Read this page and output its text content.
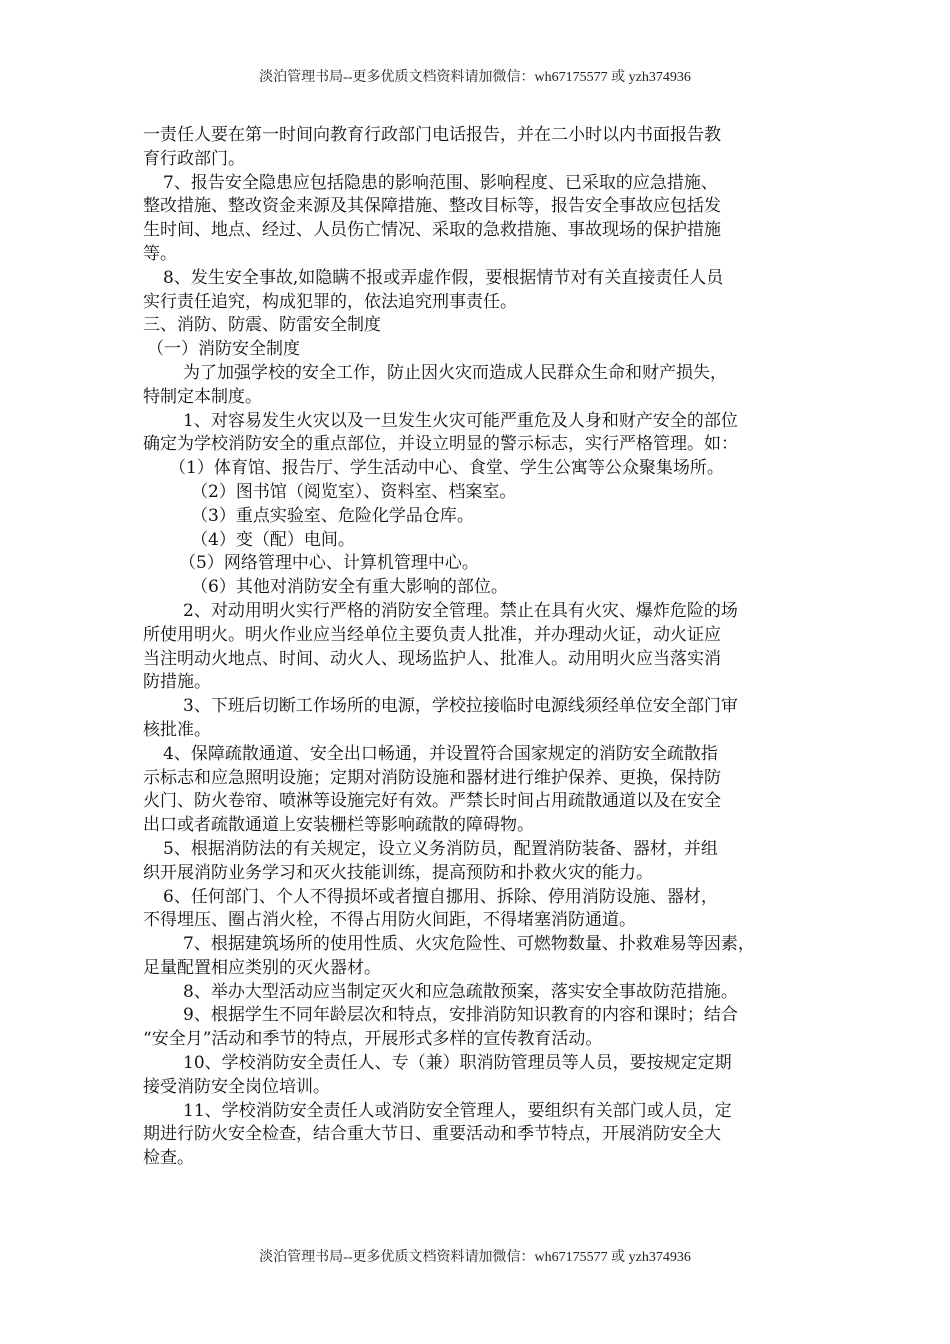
淡泊管理书局--更多优质文档资料请加微信：wh67175577 或 yzh374936
一责任人要在第一时间向教育行政部门电话报告，并在二小时以内书面报告教
育行政部门。
7、报告安全隐患应包括隐患的影响范围、影响程度、已采取的应急措施、
整改措施、整改资金来源及其保障措施、整改目标等，报告安全事故应包括发
生时间、地点、经过、人员伤亡情况、采取的急救措施、事故现场的保护措施
等。
8、发生安全事故,如隐瞒不报或弄虚作假，要根据情节对有关直接责任人员
实行责任追究，构成犯罪的，依法追究刑事责任。
三、消防、防震、防雷安全制度
（一）消防安全制度
为了加强学校的安全工作，防止因火灾而造成人民群众生命和财产损失，
特制定本制度。
1、对容易发生火灾以及一旦发生火灾可能严重危及人身和财产安全的部位
确定为学校消防安全的重点部位，并设立明显的警示标志，实行严格管理。如：
（1）体育馆、报告厅、学生活动中心、食堂、学生公寓等公众聚集场所。
（2）图书馆（阅览室）、资料室、档案室。
（3）重点实验室、危险化学品仓库。
（4）变（配）电间。
（5）网络管理中心、计算机管理中心。
（6）其他对消防安全有重大影响的部位。
2、对动用明火实行严格的消防安全管理。禁止在具有火灾、爆炸危险的场
所使用明火。明火作业应当经单位主要负责人批准，并办理动火证，动火证应
当注明动火地点、时间、动火人、现场监护人、批准人。动用明火应当落实消
防措施。
3、下班后切断工作场所的电源，学校拉接临时电源线须经单位安全部门审
核批准。
4、保障疏散通道、安全出口畅通，并设置符合国家规定的消防安全疏散指
示标志和应急照明设施；定期对消防设施和器材进行维护保养、更换，保持防
火门、防火卷帘、喷淋等设施完好有效。严禁长时间占用疏散通道以及在安全
出口或者疏散通道上安装栅栏等影响疏散的障碍物。
5、根据消防法的有关规定，设立义务消防员，配置消防装备、器材，并组
织开展消防业务学习和灭火技能训练，提高预防和扑救火灾的能力。
6、任何部门、个人不得损坏或者擅自挪用、拆除、停用消防设施、器材，
不得埋压、圈占消火栓，不得占用防火间距，不得堵塞消防通道。
7、根据建筑场所的使用性质、火灾危险性、可燃物数量、扑救难易等因素，
足量配置相应类别的灭火器材。
8、举办大型活动应当制定灭火和应急疏散预案，落实安全事故防范措施。
9、根据学生不同年龄层次和特点，安排消防知识教育的内容和课时；结合
“安全月”活动和季节的特点，开展形式多样的宣传教育活动。
10、学校消防安全责任人、专（兼）职消防管理员等人员，要按规定定期
接受消防安全岗位培训。
11、学校消防安全责任人或消防安全管理人，要组织有关部门或人员，定
期进行防火安全检查，结合重大节日、重要活动和季节特点，开展消防安全大
检查。
淡泊管理书局--更多优质文档资料请加微信：wh67175577 或 yzh374936
